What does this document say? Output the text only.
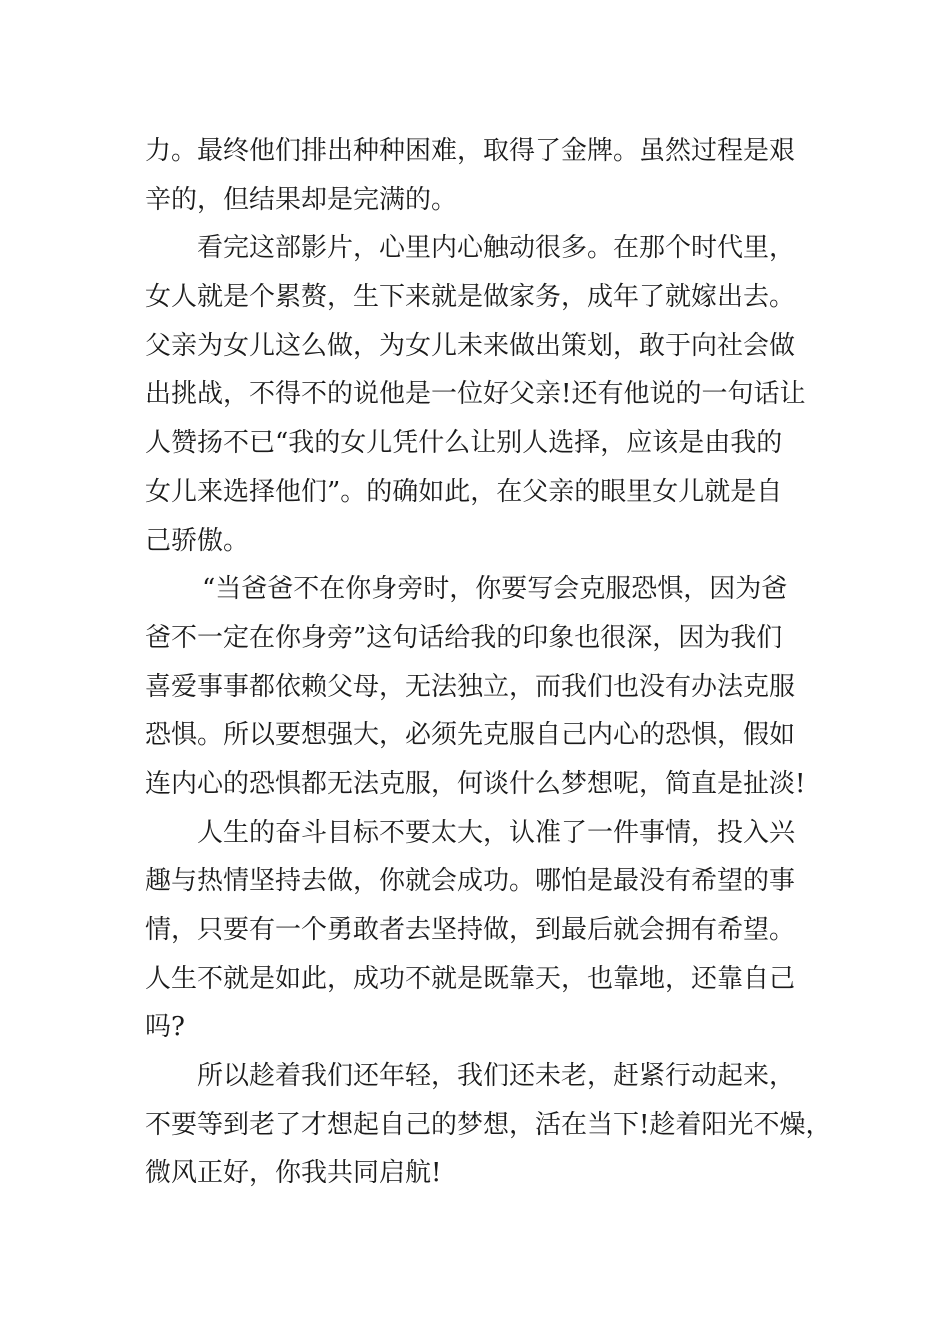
力。最终他们排出种种困难，取得了金牌。虽然过程是艰
辛的，但结果却是完满的。
看完这部影片，心里内心触动很多。在那个时代里，
女人就是个累赘，生下来就是做家务，成年了就嫁出去。
父亲为女儿这么做，为女儿未来做出策划，敢于向社会做
出挑战，不得不的说他是一位好父亲!还有他说的一句话让
人赞扬不已“我的女儿凭什么让别人选择，应该是由我的
女儿来选择他们”。的确如此，在父亲的眼里女儿就是自
己骄傲。
“当爸爸不在你身旁时，你要写会克服恐惧，因为爸
爸不一定在你身旁”这句话给我的印象也很深，因为我们
喜爱事事都依赖父母，无法独立，而我们也没有办法克服
恐惧。所以要想强大，必须先克服自己内心的恐惧，假如
连内心的恐惧都无法克服，何谈什么梦想呢，简直是扯淡!
人生的奋斗目标不要太大，认准了一件事情，投入兴
趣与热情坚持去做，你就会成功。哪怕是最没有希望的事
情，只要有一个勇敢者去坚持做，到最后就会拥有希望。
人生不就是如此，成功不就是既靠天，也靠地，还靠自己
吗?
所以趁着我们还年轻，我们还未老，赶紧行动起来，
不要等到老了才想起自己的梦想，活在当下!趁着阳光不燥，
微风正好，你我共同启航!
